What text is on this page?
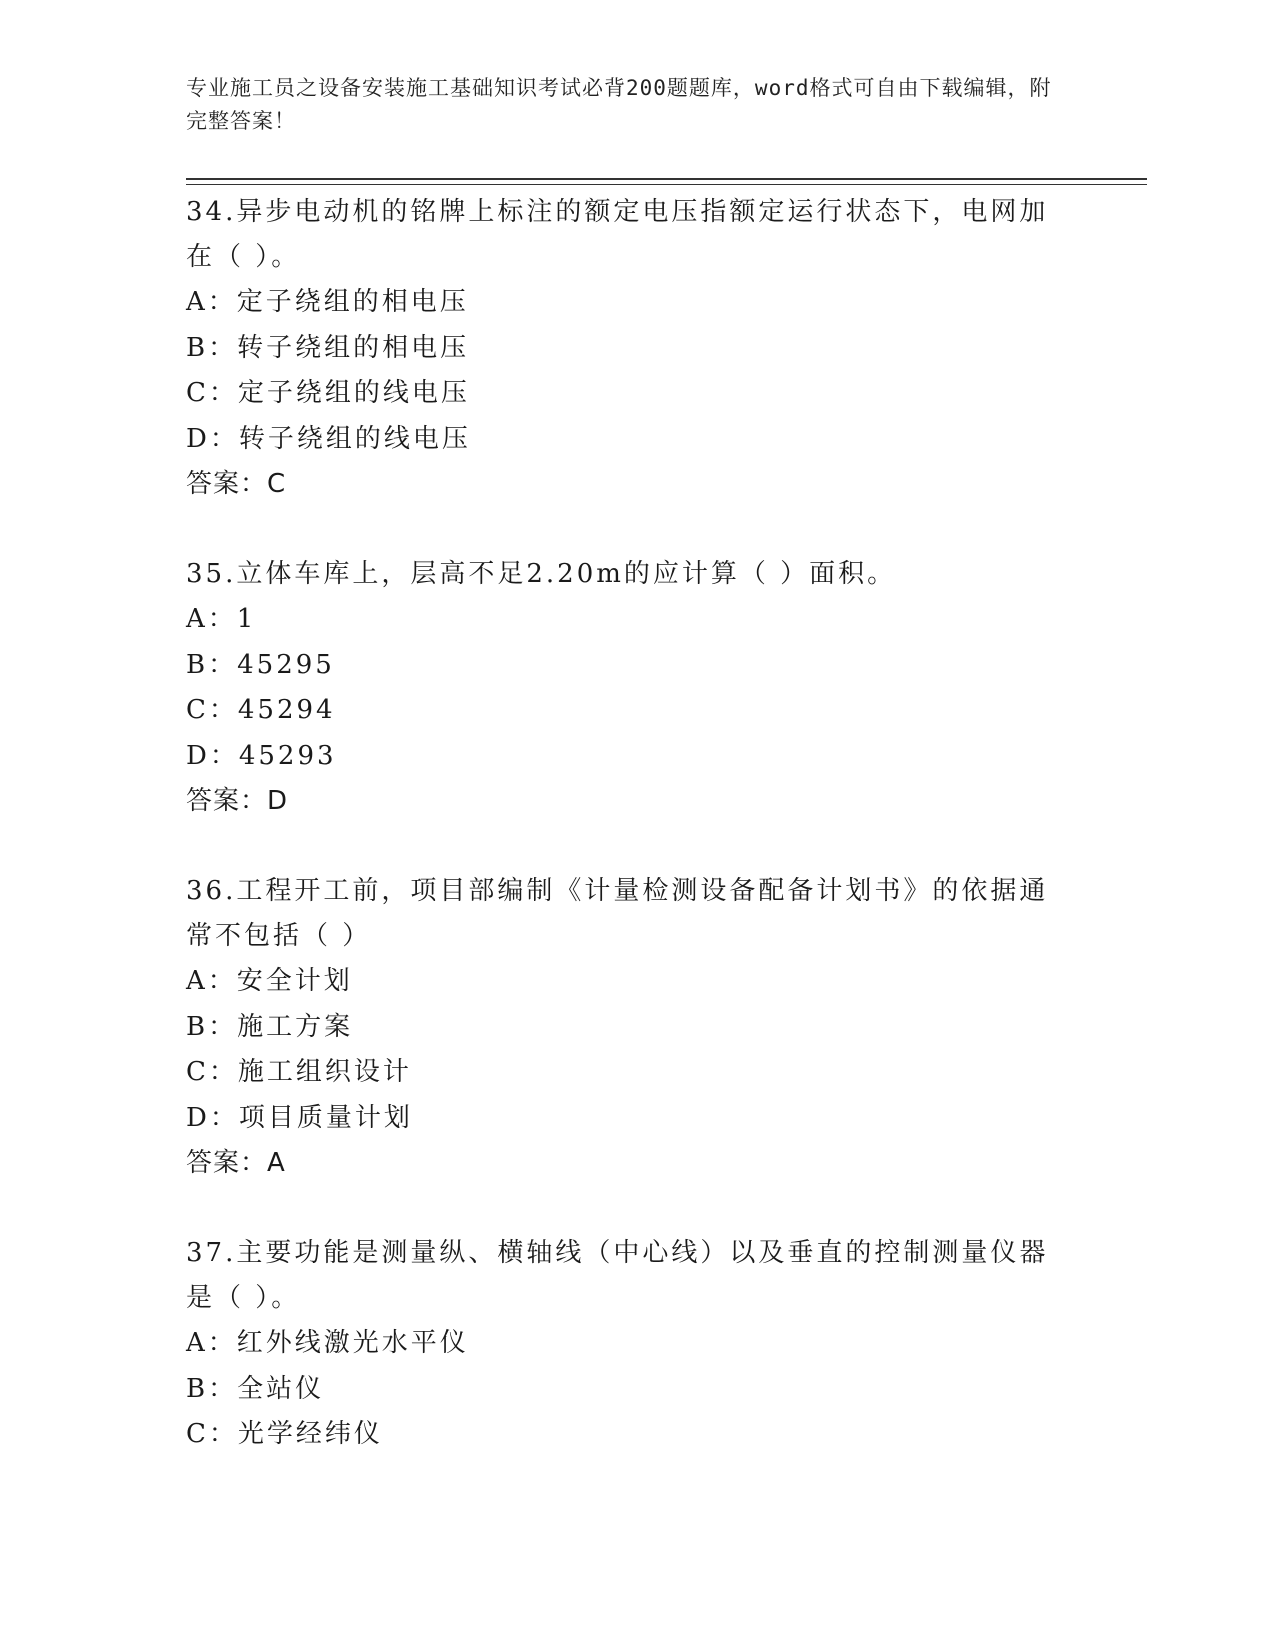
专业施工员之设备安装施工基础知识考试必背200题题库，word格式可自由下载编辑，附完整答案！
34.异步电动机的铭牌上标注的额定电压指额定运行状态下，电网加在（ ）。
A：定子绕组的相电压
B：转子绕组的相电压
C：定子绕组的线电压
D：转子绕组的线电压
答案：C
35.立体车库上，层高不足2.20m的应计算（ ）面积。
A：1
B：45295
C：45294
D：45293
答案：D
36.工程开工前，项目部编制《计量检测设备配备计划书》的依据通常不包括（ ）
A：安全计划
B：施工方案
C：施工组织设计
D：项目质量计划
答案：A
37.主要功能是测量纵、横轴线（中心线）以及垂直的控制测量仪器是（ ）。
A：红外线激光水平仪
B：全站仪
C：光学经纬仪
